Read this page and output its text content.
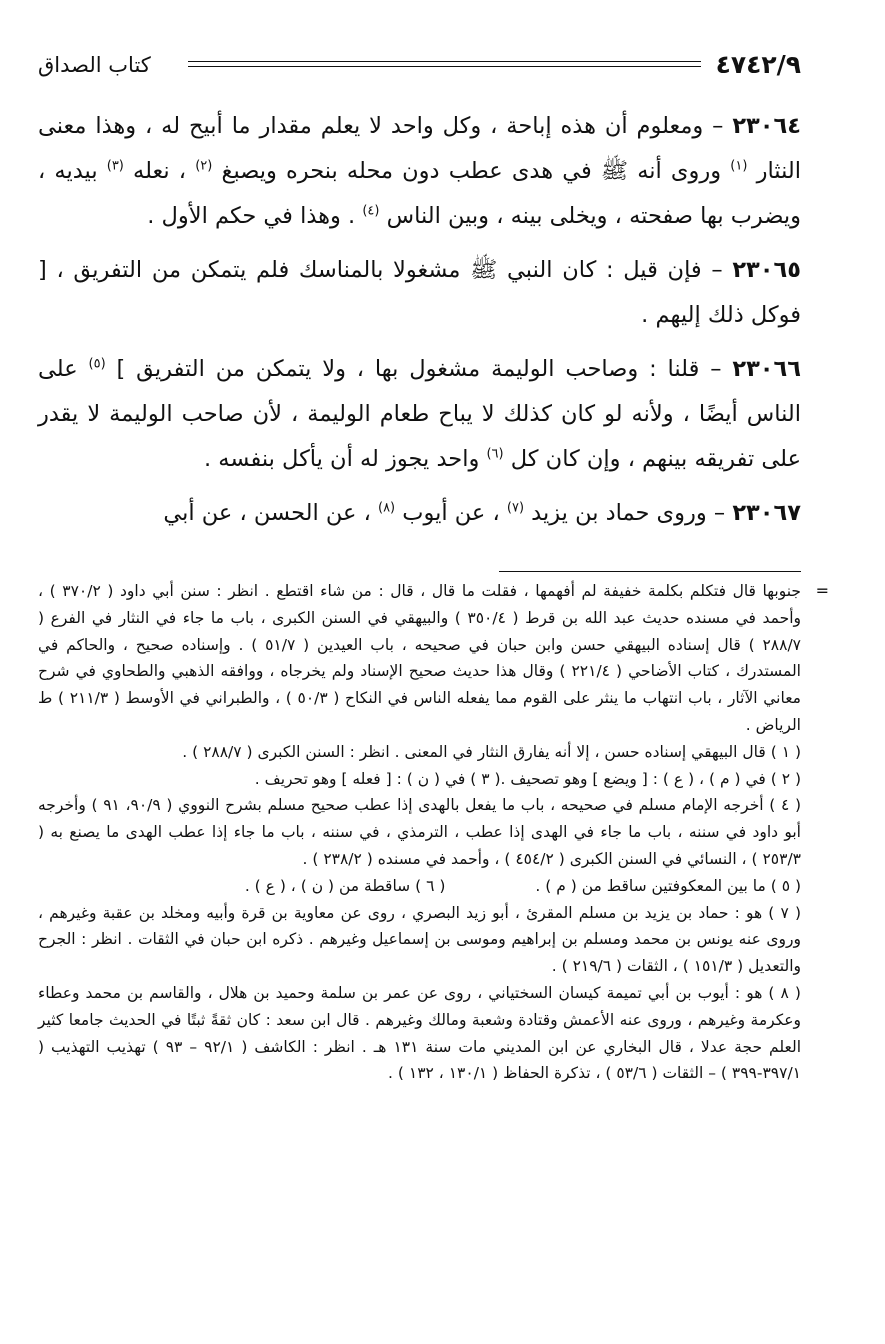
٤٧٤٢/٩
كتاب الصداق

٢٣٠٦٤ – ومعلوم أن هذه إباحة ، وكل واحد لا يعلم مقدار ما أبيح له ، وهذا معنى النثار $^{(١)}$ وروى أنه ﷺ في هدى عطب دون محله بنحره ويصبغ $^{(٢)}$ ، نعله $^{(٣)}$ بيديه ، ويضرب بها صفحته ، ويخلى بينه ، وبين الناس $^{(٤)}$ . وهذا في حكم الأول .

٢٣٠٦٥ – فإن قيل : كان النبي ﷺ مشغولا بالمناسك فلم يتمكن من التفريق ، [ فوكل ذلك إليهم .

٢٣٠٦٦ – قلنا : وصاحب الوليمة مشغول بها ، ولا يتمكن من التفريق ] $^{(٥)}$ على الناس أيضًا ، ولأنه لو كان كذلك لا يباح طعام الوليمة ، لأن صاحب الوليمة لا يقدر على تفريقه بينهم ، وإن كان كل $^{(٦)}$ واحد يجوز له أن يأكل بنفسه .

٢٣٠٦٧ – وروى حماد بن يزيد $^{(٧)}$ ، عن أيوب $^{(٨)}$ ، عن الحسن ، عن أبي

=
جنوبها قال فتكلم بكلمة خفيفة لم أفهمها ، فقلت ما قال ، قال : من شاء اقتطع . انظر : سنن أبي داود ( ٣٧٠/٢ ) ، وأحمد في مسنده حديث عبد الله بن قرط ( ٣٥٠/٤ ) والبيهقي في السنن الكبرى ، باب ما جاء في النثار في الفرع ( ٢٨٨/٧ ) قال إسناده البيهقي حسن وابن حبان في صحيحه ، باب العيدين ( ٥١/٧ ) . وإسناده صحيح ، والحاكم في المستدرك ، كتاب الأضاحي ( ٢٢١/٤ ) وقال هذا حديث صحيح الإسناد ولم يخرجاه ، ووافقه الذهبي والطحاوي في شرح معاني الآثار ، باب انتهاب ما ينثر على القوم مما يفعله الناس في النكاح ( ٥٠/٣ ) ، والطبراني في الأوسط ( ٢١١/٣ ) ط الرياض .

( ١ ) قال البيهقي إسناده حسن ، إلا أنه يفارق النثار في المعنى . انظر : السنن الكبرى ( ٢٨٨/٧ ) .

( ٢ ) في ( م ) ، ( ع ) : [ ويضع ] وهو تصحيف .( ٣ ) في ( ن ) : [ فعله ] وهو تحريف .

( ٤ ) أخرجه الإمام مسلم في صحيحه ، باب ما يفعل بالهدى إذا عطب صحيح مسلم بشرح النووي ( ٩٠/٩، ٩١ ) وأخرجه أبو داود في سننه ، باب ما جاء في الهدى إذا عطب ، الترمذي ، في سننه ، باب ما جاء إذا عطب الهدى ما يصنع به ( ٢٥٣/٣ ) ، النسائي في السنن الكبرى ( ٤٥٤/٢ ) ، وأحمد في مسنده ( ٢٣٨/٢ ) .

( ٥ ) ما بين المعكوفتين ساقط من ( م ) .
( ٦ ) ساقطة من ( ن ) ، ( ع ) .

( ٧ ) هو : حماد بن يزيد بن مسلم المقرئ ، أبو زيد البصري ، روى عن معاوية بن قرة وأبيه ومخلد بن عقبة وغيرهم ، وروى عنه يونس بن محمد ومسلم بن إبراهيم وموسى بن إسماعيل وغيرهم . ذكره ابن حبان في الثقات . انظر : الجرح والتعديل ( ١٥١/٣ ) ، الثقات ( ٢١٩/٦ ) .

( ٨ ) هو : أيوب بن أبي تميمة كيسان السختياني ، روى عن عمر بن سلمة وحميد بن هلال ، والقاسم بن محمد وعطاء وعكرمة وغيرهم ، وروى عنه الأعمش وقتادة وشعبة ومالك وغيرهم . قال ابن سعد : كان ثقةً ثبتًا في الحديث جامعا كثير العلم حجة عدلا ، قال البخاري عن ابن المديني مات سنة ١٣١ هـ . انظر : الكاشف ( ٩٢/١ – ٩٣ ) تهذيب التهذيب ( ٣٩٧/١-٣٩٩ ) – الثقات ( ٥٣/٦ ) ، تذكرة الحفاظ ( ١٣٠/١ ، ١٣٢ ) .
